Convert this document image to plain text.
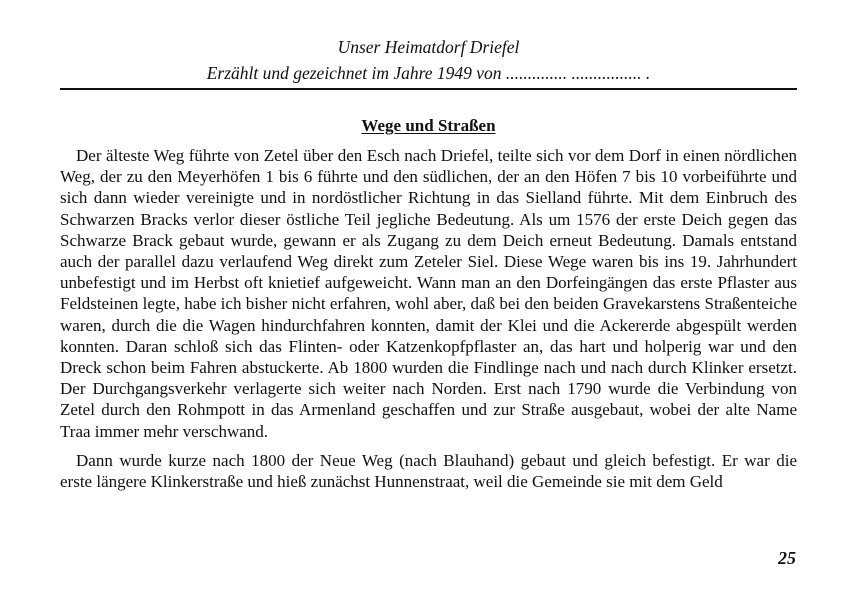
Unser Heimatdorf Driefel
Erzählt und gezeichnet im Jahre 1949 von .............. ................ .
Wege und Straßen

Der älteste Weg führte von Zetel über den Esch nach Driefel, teilte sich vor dem Dorf in einen nördlichen Weg, der zu den Meyerhöfen 1 bis 6 führte und den südlichen, der an den Höfen 7 bis 10 vorbeiführte und sich dann wieder vereinigte und in nordöstlicher Richtung in das Sielland führte. Mit dem Einbruch des Schwarzen Bracks verlor dieser östliche Teil jegliche Bedeutung. Als um 1576 der erste Deich gegen das Schwarze Brack gebaut wurde, gewann er als Zugang zu dem Deich erneut Bedeutung. Damals entstand auch der parallel dazu verlaufend Weg direkt zum Zeteler Siel. Diese Wege waren bis ins 19. Jahrhundert unbefestigt und im Herbst oft knietief aufgeweicht. Wann man an den Dorfeingängen das erste Pflaster aus Feldsteinen legte, habe ich bisher nicht erfahren, wohl aber, daß bei den beiden Gravekarstens Straßenteiche waren, durch die die Wagen hindurchfahren konnten, damit der Klei und die Ackererde abgespült werden konnten. Daran schloß sich das Flinten- oder Katzenkopfpflaster an, das hart und holperig war und den Dreck schon beim Fahren abstuckerte. Ab 1800 wurden die Findlinge nach und nach durch Klinker ersetzt. Der Durchgangsverkehr verlagerte sich weiter nach Norden. Erst nach 1790 wurde die Verbindung von Zetel durch den Rohmpott in das Armenland geschaffen und zur Straße ausgebaut, wobei der alte Name Traa immer mehr verschwand.

Dann wurde kurze nach 1800 der Neue Weg (nach Blauhand) gebaut und gleich befestigt. Er war die erste längere Klinkerstraße und hieß zunächst Hunnenstraat, weil die Gemeinde sie mit dem Geld

25
